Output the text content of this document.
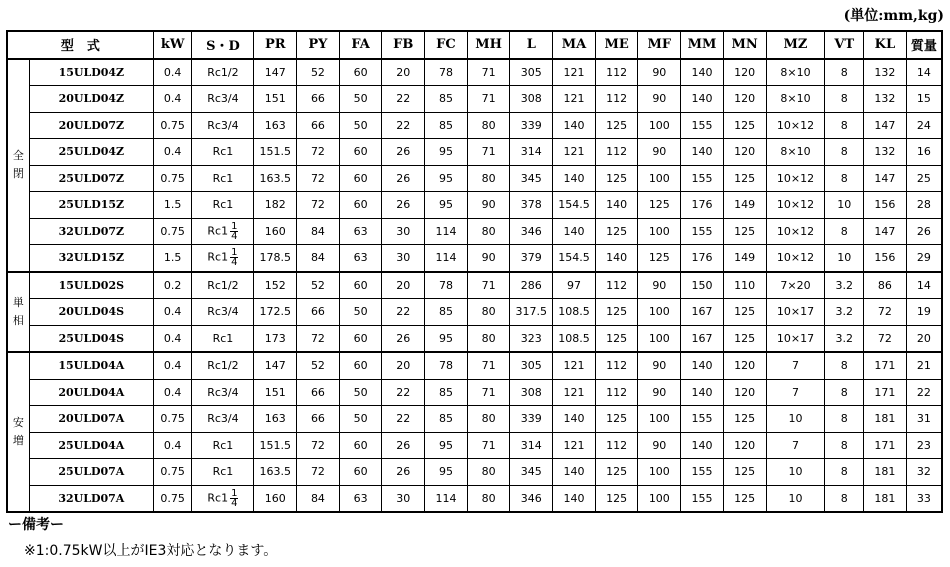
(単位:mm,kg)
型　式		kW	S・D	PR	PY	FA	FB	FC	MH	L	MA	ME	MF	MM	MN	MZ	VT	KL	質量

全
閉	15ULD04Z	0.4	Rc1/2	147	52	60	20	78	71	305	121	112	90	140	120	8×10	8	132	14
	20ULD04Z	0.4	Rc3/4	151	66	50	22	85	71	308	121	112	90	140	120	8×10	8	132	15
	20ULD07Z	0.75	Rc3/4	163	66	50	22	85	80	339	140	125	100	155	125	10×12	8	147	24
	25ULD04Z	0.4	Rc1	151.5	72	60	26	95	71	314	121	112	90	140	120	8×10	8	132	16
	25ULD07Z	0.75	Rc1	163.5	72	60	26	95	80	345	140	125	100	155	125	10×12	8	147	25
	25ULD15Z	1.5	Rc1	182	72	60	26	95	90	378	154.5	140	125	176	149	10×12	10	156	28
	32ULD07Z	0.75	$Rc1 \frac{1}{4}$	160	84	63	30	114	80	346	140	125	100	155	125	10×12	8	147	26
	32ULD15Z	1.5	$Rc1 \frac{1}{4}$	178.5	84	63	30	114	90	379	154.5	140	125	176	149	10×12	10	156	29

単
相	15ULD02S	0.2	Rc1/2	152	52	60	20	78	71	286	97	112	90	150	110	7×20	3.2	86	14
	20ULD04S	0.4	Rc3/4	172.5	66	50	22	85	80	317.5	108.5	125	100	167	125	10×17	3.2	72	19
	25ULD04S	0.4	Rc1	173	72	60	26	95	80	323	108.5	125	100	167	125	10×17	3.2	72	20

安
増	15ULD04A	0.4	Rc1/2	147	52	60	20	78	71	305	121	112	90	140	120	7	8	171	21
	20ULD04A	0.4	Rc3/4	151	66	50	22	85	71	308	121	112	90	140	120	7	8	171	22
	20ULD07A	0.75	Rc3/4	163	66	50	22	85	80	339	140	125	100	155	125	10	8	181	31
	25ULD04A	0.4	Rc1	151.5	72	60	26	95	71	314	121	112	90	140	120	7	8	171	23
	25ULD07A	0.75	Rc1	163.5	72	60	26	95	80	345	140	125	100	155	125	10	8	181	32
	32ULD07A	0.75	$Rc1 \frac{1}{4}$	160	84	63	30	114	80	346	140	125	100	155	125	10	8	181	33
ー備考ー
※1:0.75kW以上がIE3対応となります。
